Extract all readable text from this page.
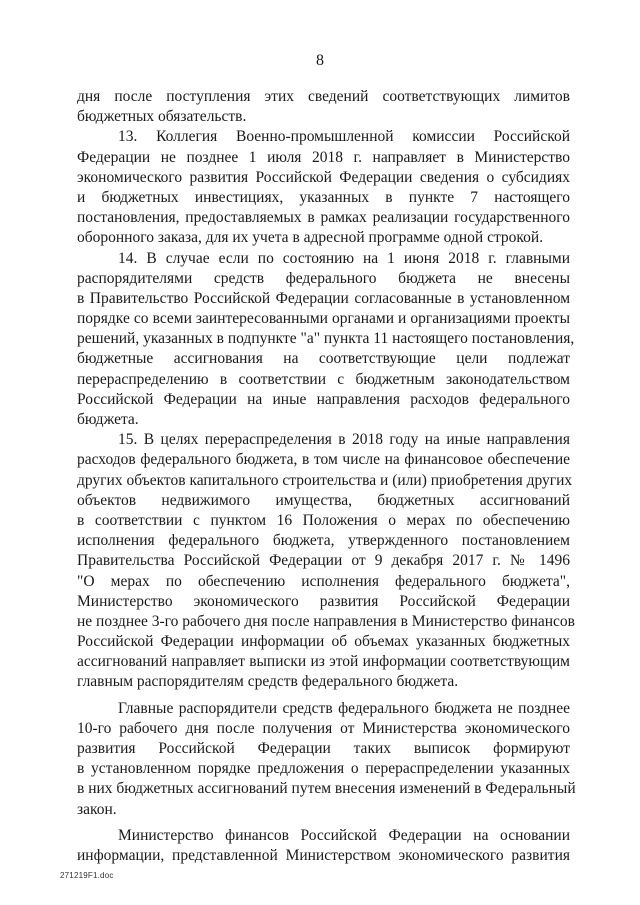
8
дня после поступления этих сведений соответствующих лимитов
бюджетных обязательств.
13. Коллегия Военно-промышленной комиссии Российской
Федерации не позднее 1 июля 2018 г. направляет в Министерство
экономического развития Российской Федерации сведения о субсидиях
и бюджетных инвестициях, указанных в пункте 7 настоящего
постановления, предоставляемых в рамках реализации государственного
оборонного заказа, для их учета в адресной программе одной строкой.
14. В случае если по состоянию на 1 июня 2018 г. главными
распорядителями средств федерального бюджета не внесены
в Правительство Российской Федерации согласованные в установленном
порядке со всеми заинтересованными органами и организациями проекты
решений, указанных в подпункте "а" пункта 11 настоящего постановления,
бюджетные ассигнования на соответствующие цели подлежат
перераспределению в соответствии с бюджетным законодательством
Российской Федерации на иные направления расходов федерального
бюджета.
15. В целях перераспределения в 2018 году на иные направления
расходов федерального бюджета, в том числе на финансовое обеспечение
других объектов капитального строительства и (или) приобретения других
объектов недвижимого имущества, бюджетных ассигнований
в соответствии с пунктом 16 Положения о мерах по обеспечению
исполнения федерального бюджета, утвержденного постановлением
Правительства Российской Федерации от 9 декабря 2017 г. № 1496
"О мерах по обеспечению исполнения федерального бюджета",
Министерство экономического развития Российской Федерации
не позднее 3-го рабочего дня после направления в Министерство финансов
Российской Федерации информации об объемах указанных бюджетных
ассигнований направляет выписки из этой информации соответствующим
главным распорядителям средств федерального бюджета.
Главные распорядители средств федерального бюджета не позднее
10-го рабочего дня после получения от Министерства экономического
развития Российской Федерации таких выписок формируют
в установленном порядке предложения о перераспределении указанных
в них бюджетных ассигнований путем внесения изменений в Федеральный
закон.
Министерство финансов Российской Федерации на основании
информации, представленной Министерством экономического развития
271219F1.doc
